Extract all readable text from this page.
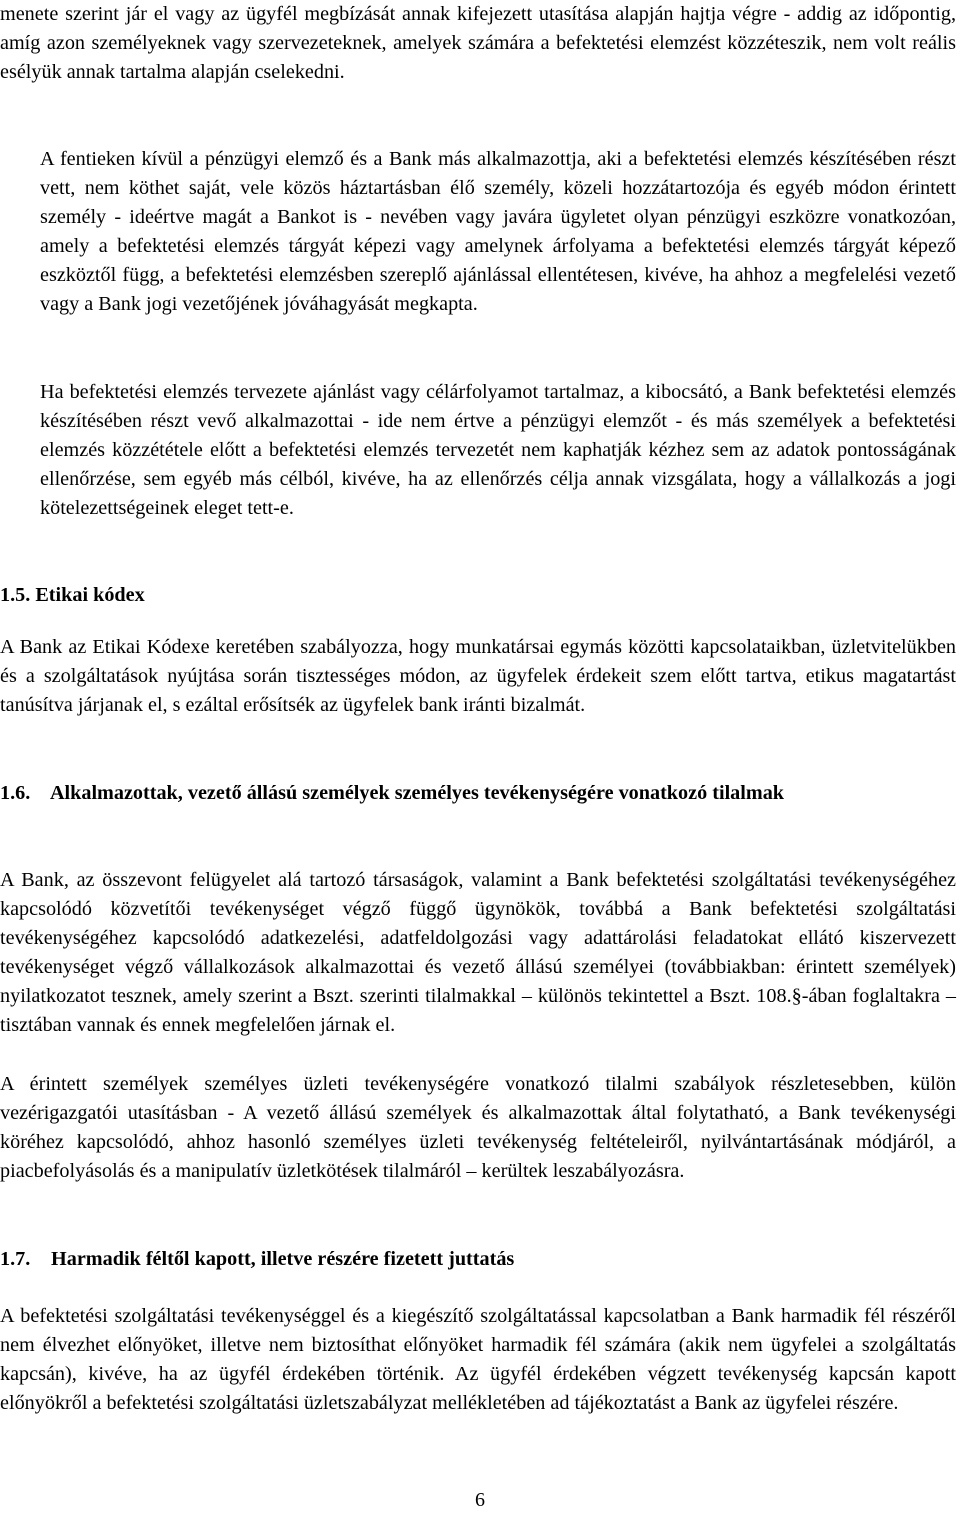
menete szerint jár el vagy az ügyfél megbízását annak kifejezett utasítása alapján hajtja végre - addig az időpontig, amíg azon személyeknek vagy szervezeteknek, amelyek számára a befektetési elemzést közzéteszik, nem volt reális esélyük annak tartalma alapján cselekedni.

A fentieken kívül a pénzügyi elemző és a Bank más alkalmazottja, aki a befektetési elemzés készítésében részt vett, nem köthet saját, vele közös háztartásban élő személy, közeli hozzátartozója és egyéb módon érintett személy - ideértve magát a Bankot is - nevében vagy javára ügyletet olyan pénzügyi eszközre vonatkozóan, amely a befektetési elemzés tárgyát képezi vagy amelynek árfolyama a befektetési elemzés tárgyát képező eszköztől függ, a befektetési elemzésben szereplő ajánlással ellentétesen, kivéve, ha ahhoz a megfelelési vezető vagy a Bank jogi vezetőjének jóváhagyását megkapta.

Ha befektetési elemzés tervezete ajánlást vagy célárfolyamot tartalmaz, a kibocsátó, a Bank befektetési elemzés készítésében részt vevő alkalmazottai - ide nem értve a pénzügyi elemzőt - és más személyek a befektetési elemzés közzététele előtt a befektetési elemzés tervezetét nem kaphatják kézhez sem az adatok pontosságának ellenőrzése, sem egyéb más célból, kivéve, ha az ellenőrzés célja annak vizsgálata, hogy a vállalkozás a jogi kötelezettségeinek eleget tett-e.

1.5. Etikai kódex

A Bank az Etikai Kódexe keretében szabályozza, hogy munkatársai egymás közötti kapcsolataikban, üzletvitelükben és a szolgáltatások nyújtása során tisztességes módon, az ügyfelek érdekeit szem előtt tartva, etikus magatartást tanúsítva járjanak el, s ezáltal erősítsék az ügyfelek bank iránti bizalmát.

1.6. Alkalmazottak, vezető állású személyek személyes tevékenységére vonatkozó tilalmak

A Bank, az összevont felügyelet alá tartozó társaságok, valamint a Bank befektetési szolgáltatási tevékenységéhez kapcsolódó közvetítői tevékenységet végző függő ügynökök, továbbá a Bank befektetési szolgáltatási tevékenységéhez kapcsolódó adatkezelési, adatfeldolgozási vagy adattárolási feladatokat ellátó kiszervezett tevékenységet végző vállalkozások alkalmazottai és vezető állású személyei (továbbiakban: érintett személyek) nyilatkozatot tesznek, amely szerint a Bszt. szerinti tilalmakkal – különös tekintettel a Bszt. 108.§-ában foglaltakra – tisztában vannak és ennek megfelelően járnak el.

A érintett személyek személyes üzleti tevékenységére vonatkozó tilalmi szabályok részletesebben, külön vezérigazgatói utasításban - A vezető állású személyek és alkalmazottak által folytatható, a Bank tevékenységi köréhez kapcsolódó, ahhoz hasonló személyes üzleti tevékenység feltételeiről, nyilvántartásának módjáról, a piacbefolyásolás és a manipulatív üzletkötések tilalmáról – kerültek leszabályozásra.

1.7. Harmadik féltől kapott, illetve részére fizetett juttatás

A befektetési szolgáltatási tevékenységgel és a kiegészítő szolgáltatással kapcsolatban a Bank harmadik fél részéről nem élvezhet előnyöket, illetve nem biztosíthat előnyöket harmadik fél számára (akik nem ügyfelei a szolgáltatás kapcsán), kivéve, ha az ügyfél érdekében történik. Az ügyfél érdekében végzett tevékenység kapcsán kapott előnyökről a befektetési szolgáltatási üzletszabályzat mellékletében ad tájékoztatást a Bank az ügyfelei részére.

6
